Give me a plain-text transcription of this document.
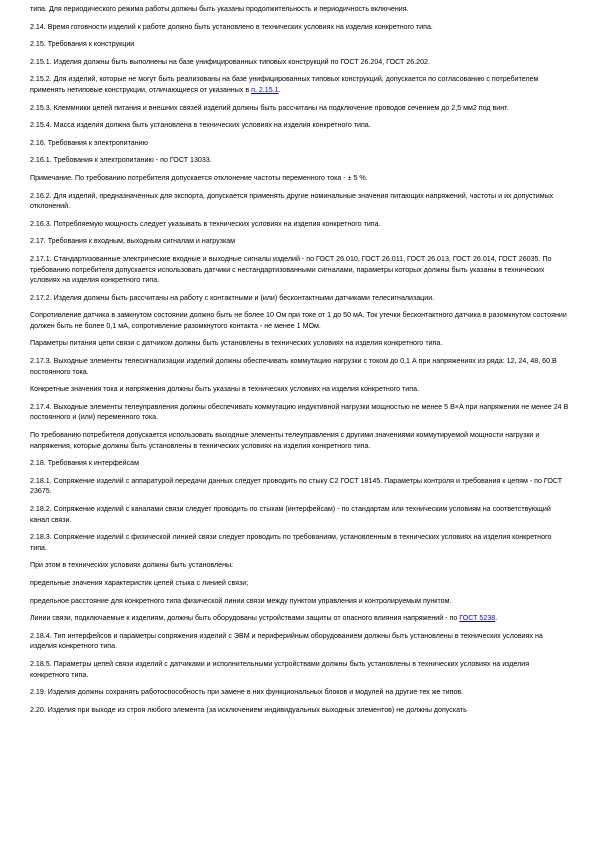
типа. Для периодического режима работы должны быть указаны продолжительность и периодичность включения.

2.14. Время готовности изделий к работе должно быть установлено в технических условиях на изделия конкретного типа.

2.15. Требования к конструкции

2.15.1. Изделия должны быть выполнены на базе унифицированных типовых конструкций по ГОСТ 26.204, ГОСТ 26.202.

2.15.2. Для изделий, которые не могут быть реализованы на базе унифицированных типовых конструкций, допускается по согласованию с потребителем применять нетиповые конструкции, отличающиеся от указанных в п. 2.15.1.

2.15.3. Клеммники цепей питания и внешних связей изделий должны быть рассчитаны на подключение проводов сечением до 2,5 мм2 под винт.

2.15.4. Масса изделия должна быть установлена в технических условиях на изделия конкретного типа.

2.16. Требования к электропитанию

2.16.1. Требования к электропитанию - по ГОСТ 13033.

Примечание. По требованию потребителя допускается отклонение частоты переменного тока - ± 5 %.

2.16.2. Для изделий, предназначенных для экспорта, допускается применять другие номинальные значения питающих напряжений, частоты и их допустимых отклонений.

2.16.3. Потребляемую мощность следует указывать в технических условиях на изделия конкретного типа.

2.17. Требования к входным, выходным сигналам и нагрузкам

2.17.1. Стандартизованные электрические входные и выходные сигналы изделий - по ГОСТ 26.010, ГОСТ 26.011, ГОСТ 26.013, ГОСТ 26.014, ГОСТ 26035. По требованию потребителя допускается использовать датчики с нестандартизованными сигналами, параметры которых должны быть указаны в технических условиях на изделия конкретного типа.

2.17.2. Изделия должны быть рассчитаны на работу с контактными и (или) бесконтактными датчиками телесигнализации.

Сопротивление датчика в замкнутом состоянии должно быть не более 10 Ом при токе от 1 до 50 мА. Ток утечки бесконтактного датчика в разомкнутом состоянии должен быть не более 0,1 мА, сопротивление разомкнутого контакта - не менее 1 МОм.

Параметры питания цепи связи с датчиком должны быть установлены в технических условиях на изделия конкретного типа.

2.17.3. Выходные элементы телесигнализации изделий должны обеспечивать коммутацию нагрузки с током до 0,1 А при напряжениях из ряда: 12, 24, 48, 60 В постоянного тока.

Конкретные значения тока и напряжения должны быть указаны в технических условиях на изделия конкретного типа.

2.17.4. Выходные элементы телеуправления должны обеспечивать коммутацию индуктивной нагрузки мощностью не менее 5 В×А при напряжении не менее 24 В постоянного и (или) переменного тока.

По требованию потребителя допускается использовать выходные элементы телеуправления с другими значениями коммутируемой мощности нагрузки и напряжения, которые должны быть установлены в технических условиях на изделия конкретного типа.

2.18. Требования к интерфейсам

2.18.1. Сопряжение изделий с аппаратурой передачи данных следует проводить по стыку С2 ГОСТ 18145. Параметры контроля и требования к цепям - по ГОСТ 23675.

2.18.2. Сопряжение изделий с каналами связи следует проводить по стыкам (интерфейсам) - по стандартам или техническим условиям на соответствующий канал связи.

2.18.3. Сопряжение изделий с физической линией связи следует проводить по требованиям, установленным в технических условиях на изделия конкретного типа.

При этом в технических условиях должны быть установлены:

предельные значения характеристик цепей стыка с линией связи;

предельное расстояние для конкретного типа физической линии связи между пунктом управления и контролируемым пунктом.

Линии связи, подключаемые к изделиям, должны быть оборудованы устройствами защиты от опасного влияния напряжений - по ГОСТ 5238.

2.18.4. Тип интерфейсов и параметры сопряжения изделий с ЭВМ и периферийным оборудованием должны быть установлены в технических условиях на изделия конкретного типа.

2.18.5. Параметры цепей связи изделий с датчиками и исполнительными устройствами должны быть установлены в технических условиях на изделия конкретного типа.

2.19. Изделия должны сохранять работоспособность при замене в них функциональных блоков и модулей на другие тех же типов.

2.20. Изделия при выходе из строя любого элемента (за исключением индивидуальных выходных элементов) не должны допускать
